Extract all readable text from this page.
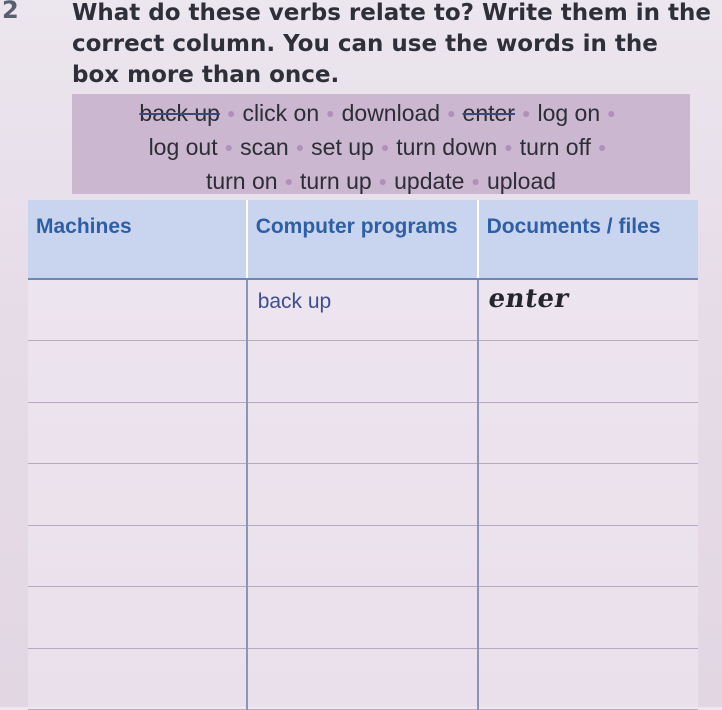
2 What do these verbs relate to? Write them in the correct column. You can use the words in the box more than once.
back up ● click on ● download ● enter ● log on ●
log out ● scan ● set up ● turn down ● turn off ●
turn on ● turn up ● update ● upload
Machines	Computer programs	Documents / files

	back up	enter
